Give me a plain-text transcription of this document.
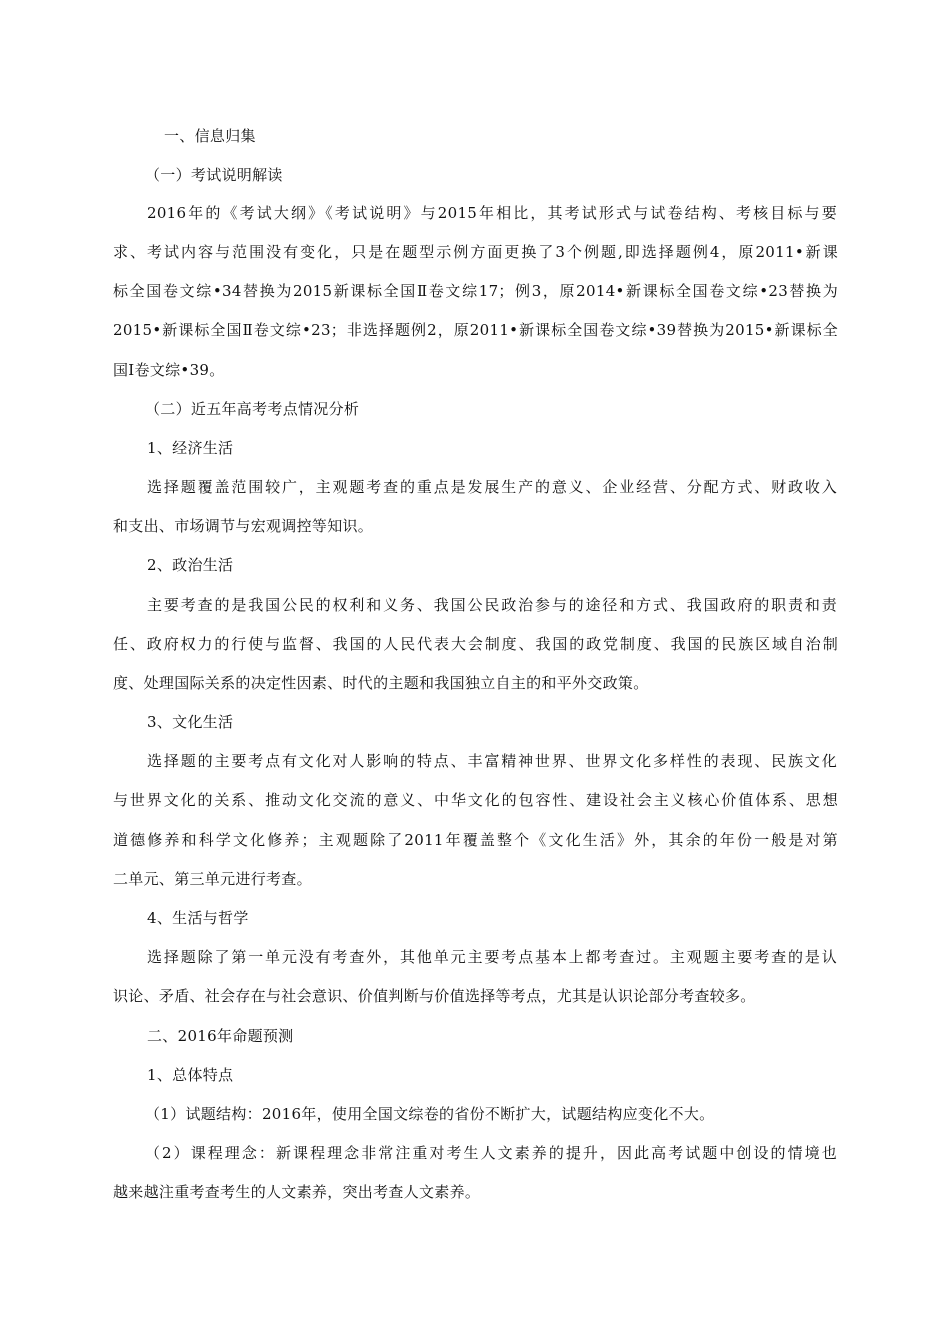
一、信息归集
（一）考试说明解读
2016年的《考试大纲》《考试说明》与2015年相比，其考试形式与试卷结构、考核目标与要
求、考试内容与范围没有变化，只是在题型示例方面更换了3个例题,即选择题例4，原2011•新课
标全国卷文综•34替换为2015新课标全国Ⅱ卷文综17；例3，原2014•新课标全国卷文综•23替换为
2015•新课标全国Ⅱ卷文综•23；非选择题例2，原2011•新课标全国卷文综•39替换为2015•新课标全
国Ⅰ卷文综•39。
（二）近五年高考考点情况分析
1、经济生活
选择题覆盖范围较广，主观题考查的重点是发展生产的意义、企业经营、分配方式、财政收入
和支出、市场调节与宏观调控等知识。
2、政治生活
主要考查的是我国公民的权利和义务、我国公民政治参与的途径和方式、我国政府的职责和责
任、政府权力的行使与监督、我国的人民代表大会制度、我国的政党制度、我国的民族区域自治制
度、处理国际关系的决定性因素、时代的主题和我国独立自主的和平外交政策。
3、文化生活
选择题的主要考点有文化对人影响的特点、丰富精神世界、世界文化多样性的表现、民族文化
与世界文化的关系、推动文化交流的意义、中华文化的包容性、建设社会主义核心价值体系、思想
道德修养和科学文化修养；主观题除了2011年覆盖整个《文化生活》外，其余的年份一般是对第
二单元、第三单元进行考查。
4、生活与哲学
选择题除了第一单元没有考查外，其他单元主要考点基本上都考查过。主观题主要考查的是认
识论、矛盾、社会存在与社会意识、价值判断与价值选择等考点，尤其是认识论部分考查较多。
二、2016年命题预测
1、总体特点
（1）试题结构：2016年，使用全国文综卷的省份不断扩大，试题结构应变化不大。
（2）课程理念：新课程理念非常注重对考生人文素养的提升，因此高考试题中创设的情境也
越来越注重考查考生的人文素养，突出考查人文素养。
